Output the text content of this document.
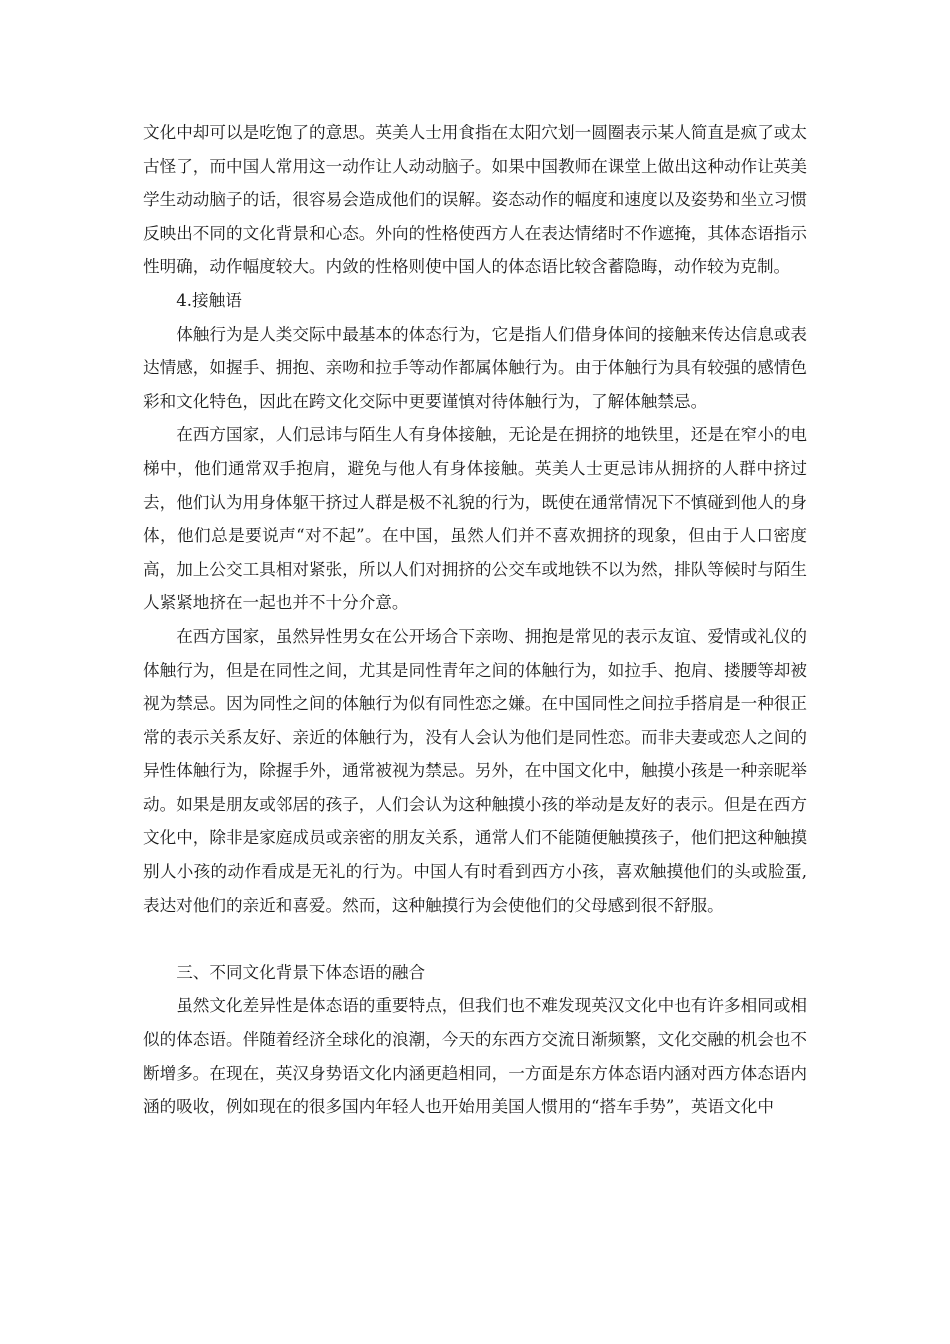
文化中却可以是吃饱了的意思。英美人士用食指在太阳穴划一圆圈表示某人简直是疯了或太古怪了，而中国人常用这一动作让人动动脑子。如果中国教师在课堂上做出这种动作让英美学生动动脑子的话，很容易会造成他们的误解。姿态动作的幅度和速度以及姿势和坐立习惯反映出不同的文化背景和心态。外向的性格使西方人在表达情绪时不作遮掩，其体态语指示性明确，动作幅度较大。内敛的性格则使中国人的体态语比较含蓄隐晦，动作较为克制。

4.接触语

体触行为是人类交际中最基本的体态行为，它是指人们借身体间的接触来传达信息或表达情感，如握手、拥抱、亲吻和拉手等动作都属体触行为。由于体触行为具有较强的感情色彩和文化特色，因此在跨文化交际中更要谨慎对待体触行为，了解体触禁忌。

在西方国家，人们忌讳与陌生人有身体接触，无论是在拥挤的地铁里，还是在窄小的电梯中，他们通常双手抱肩，避免与他人有身体接触。英美人士更忌讳从拥挤的人群中挤过去，他们认为用身体躯干挤过人群是极不礼貌的行为，既使在通常情况下不慎碰到他人的身体，他们总是要说声“对不起”。在中国，虽然人们并不喜欢拥挤的现象，但由于人口密度高，加上公交工具相对紧张，所以人们对拥挤的公交车或地铁不以为然，排队等候时与陌生人紧紧地挤在一起也并不十分介意。

在西方国家，虽然异性男女在公开场合下亲吻、拥抱是常见的表示友谊、爱情或礼仪的体触行为，但是在同性之间，尤其是同性青年之间的体触行为，如拉手、抱肩、搂腰等却被视为禁忌。因为同性之间的体触行为似有同性恋之嫌。在中国同性之间拉手搭肩是一种很正常的表示关系友好、亲近的体触行为，没有人会认为他们是同性恋。而非夫妻或恋人之间的异性体触行为，除握手外，通常被视为禁忌。另外，在中国文化中，触摸小孩是一种亲昵举动。如果是朋友或邻居的孩子，人们会认为这种触摸小孩的举动是友好的表示。但是在西方文化中，除非是家庭成员或亲密的朋友关系，通常人们不能随便触摸孩子，他们把这种触摸别人小孩的动作看成是无礼的行为。中国人有时看到西方小孩，喜欢触摸他们的头或脸蛋,表达对他们的亲近和喜爱。然而，这种触摸行为会使他们的父母感到很不舒服。

三、不同文化背景下体态语的融合

虽然文化差异性是体态语的重要特点，但我们也不难发现英汉文化中也有许多相同或相似的体态语。伴随着经济全球化的浪潮，今天的东西方交流日渐频繁，文化交融的机会也不断增多。在现在，英汉身势语文化内涵更趋相同，一方面是东方体态语内涵对西方体态语内涵的吸收，例如现在的很多国内年轻人也开始用美国人惯用的“搭车手势”，英语文化中
